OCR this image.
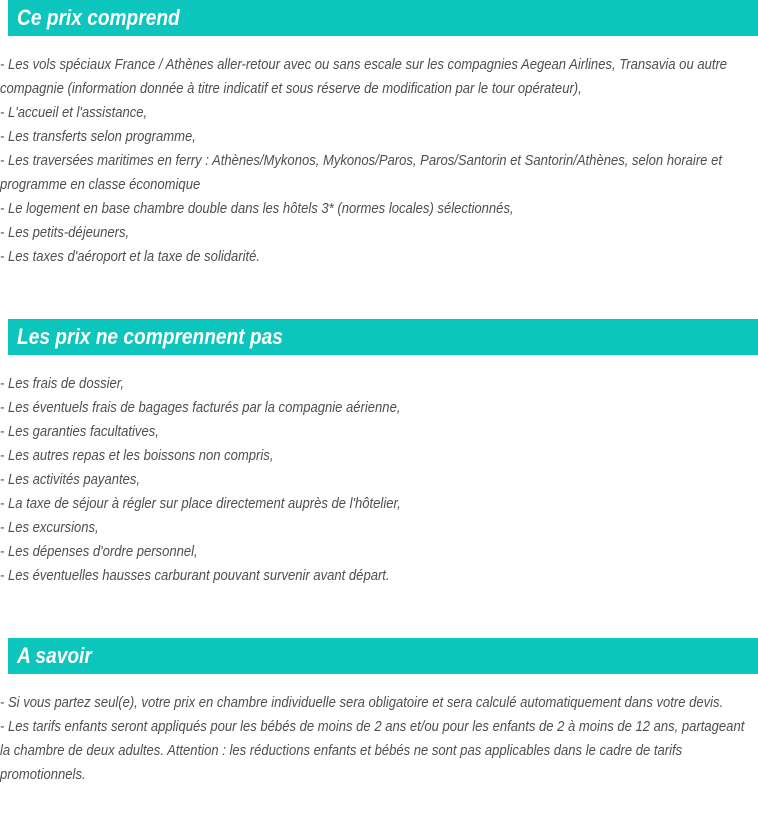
Ce prix comprend

- Les vols spéciaux France / Athènes aller-retour avec ou sans escale sur les compagnies Aegean Airlines, Transavia ou autre compagnie (information donnée à titre indicatif et sous réserve de modification par le tour opérateur),

- L'accueil et l'assistance,

- Les transferts selon programme,

- Les traversées maritimes en ferry : Athènes/Mykonos, Mykonos/Paros, Paros/Santorin et Santorin/Athènes, selon horaire et programme en classe économique

- Le logement en base chambre double dans les hôtels 3* (normes locales) sélectionnés,

- Les petits-déjeuners,

- Les taxes d'aéroport et la taxe de solidarité.

Les prix ne comprennent pas

- Les frais de dossier,

- Les éventuels frais de bagages facturés par la compagnie aérienne,

- Les garanties facultatives,

- Les autres repas et les boissons non compris,

- Les activités payantes,

- La taxe de séjour à régler sur place directement auprès de l'hôtelier,

- Les excursions,

- Les dépenses d'ordre personnel,

- Les éventuelles hausses carburant pouvant survenir avant départ.

A savoir

- Si vous partez seul(e), votre prix en chambre individuelle sera obligatoire et sera calculé automatiquement dans votre devis.

- Les tarifs enfants seront appliqués pour les bébés de moins de 2 ans et/ou pour les enfants de 2 à moins de 12 ans, partageant la chambre de deux adultes. Attention : les réductions enfants et bébés ne sont pas applicables dans le cadre de tarifs promotionnels.
